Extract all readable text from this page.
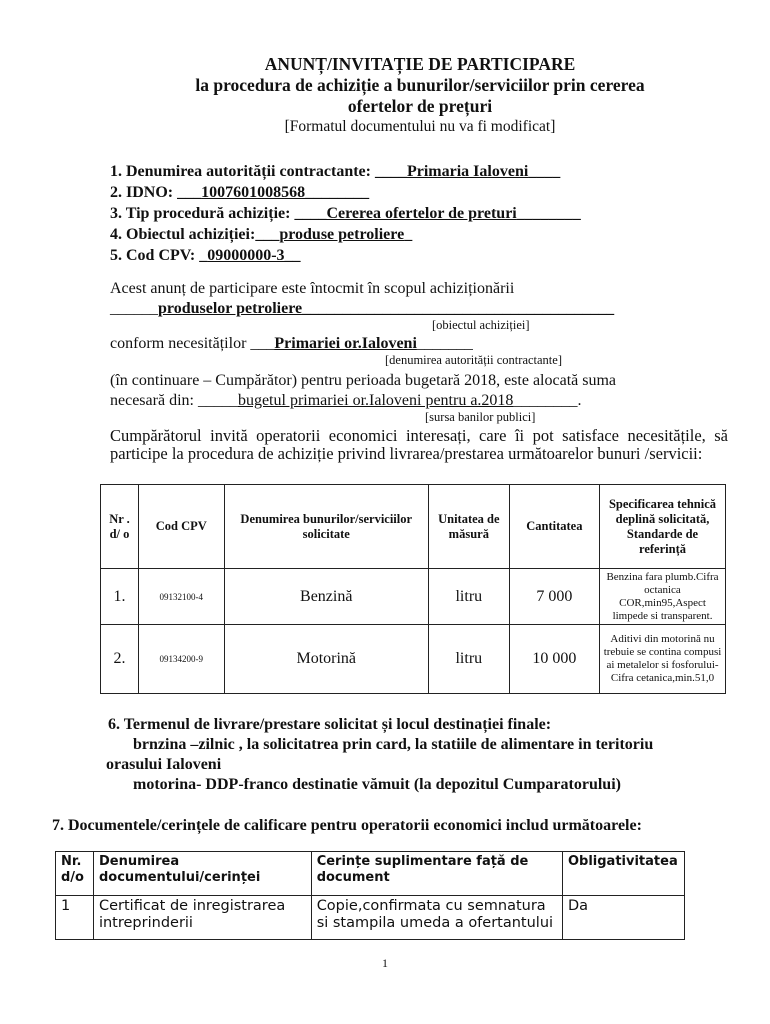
ANUNȚ/INVITAȚIE DE PARTICIPARE
la procedura de achiziție a bunurilor/serviciilor prin cererea
ofertelor de prețuri
[Formatul documentului nu va fi modificat]
1. Denumirea autorității contractante: ____Primaria Ialoveni____
2. IDNO: ___1007601008568________
3. Tip procedură achiziție: ____Cererea ofertelor de preturi________
4. Obiectul achiziției:___produse petroliere_
5. Cod CPV: _09000000-3__
Acest anunț de participare este întocmit în scopul achiziționării
______produselor petroliere_______________________________________
[obiectul achiziției]
conform necesităților ___Primariei or.Ialoveni_______
[denumirea autorității contractante]
(în continuare – Cumpărător) pentru perioada bugetară 2018, este alocată suma
necesară din: _____bugetul primariei or.Ialoveni pentru a.2018________.
[sursa banilor publici]
Cumpărătorul invită operatorii economici interesați, care îi pot satisface necesitățile, să participe la procedura de achiziție privind livrarea/prestarea următoarelor bunuri /servicii:
Nr . d/ o	Cod CPV	Denumirea bunurilor/serviciilor solicitate	Unitatea de măsură	Cantitatea	Specificarea tehnică deplină solicitată, Standarde de referință
1.	09132100-4	Benzină	litru	7 000	Benzina fara plumb.Cifra octanica COR,min95,Aspect limpede si transparent.
2.	09134200-9	Motorină	litru	10 000	Aditivi din motorină nu trebuie se contina compusi ai metalelor si fosforului-Cifra cetanica,min.51,0
6. Termenul de livrare/prestare solicitat și locul destinației finale:
brnzina –zilnic , la solicitatrea prin card, la statiile de alimentare in teritoriu
orasului Ialoveni
motorina- DDP-franco destinatie vămuit (la depozitul Cumparatorului)
7. Documentele/cerințele de calificare pentru operatorii economici includ următoarele:
Nr. d/o	Denumirea documentului/cerinței	Cerințe suplimentare față de document	Obligativitatea
1	Certificat de inregistrarea intreprinderii	Copie,confirmata cu semnatura si stampila umeda a ofertantului	Da
1
